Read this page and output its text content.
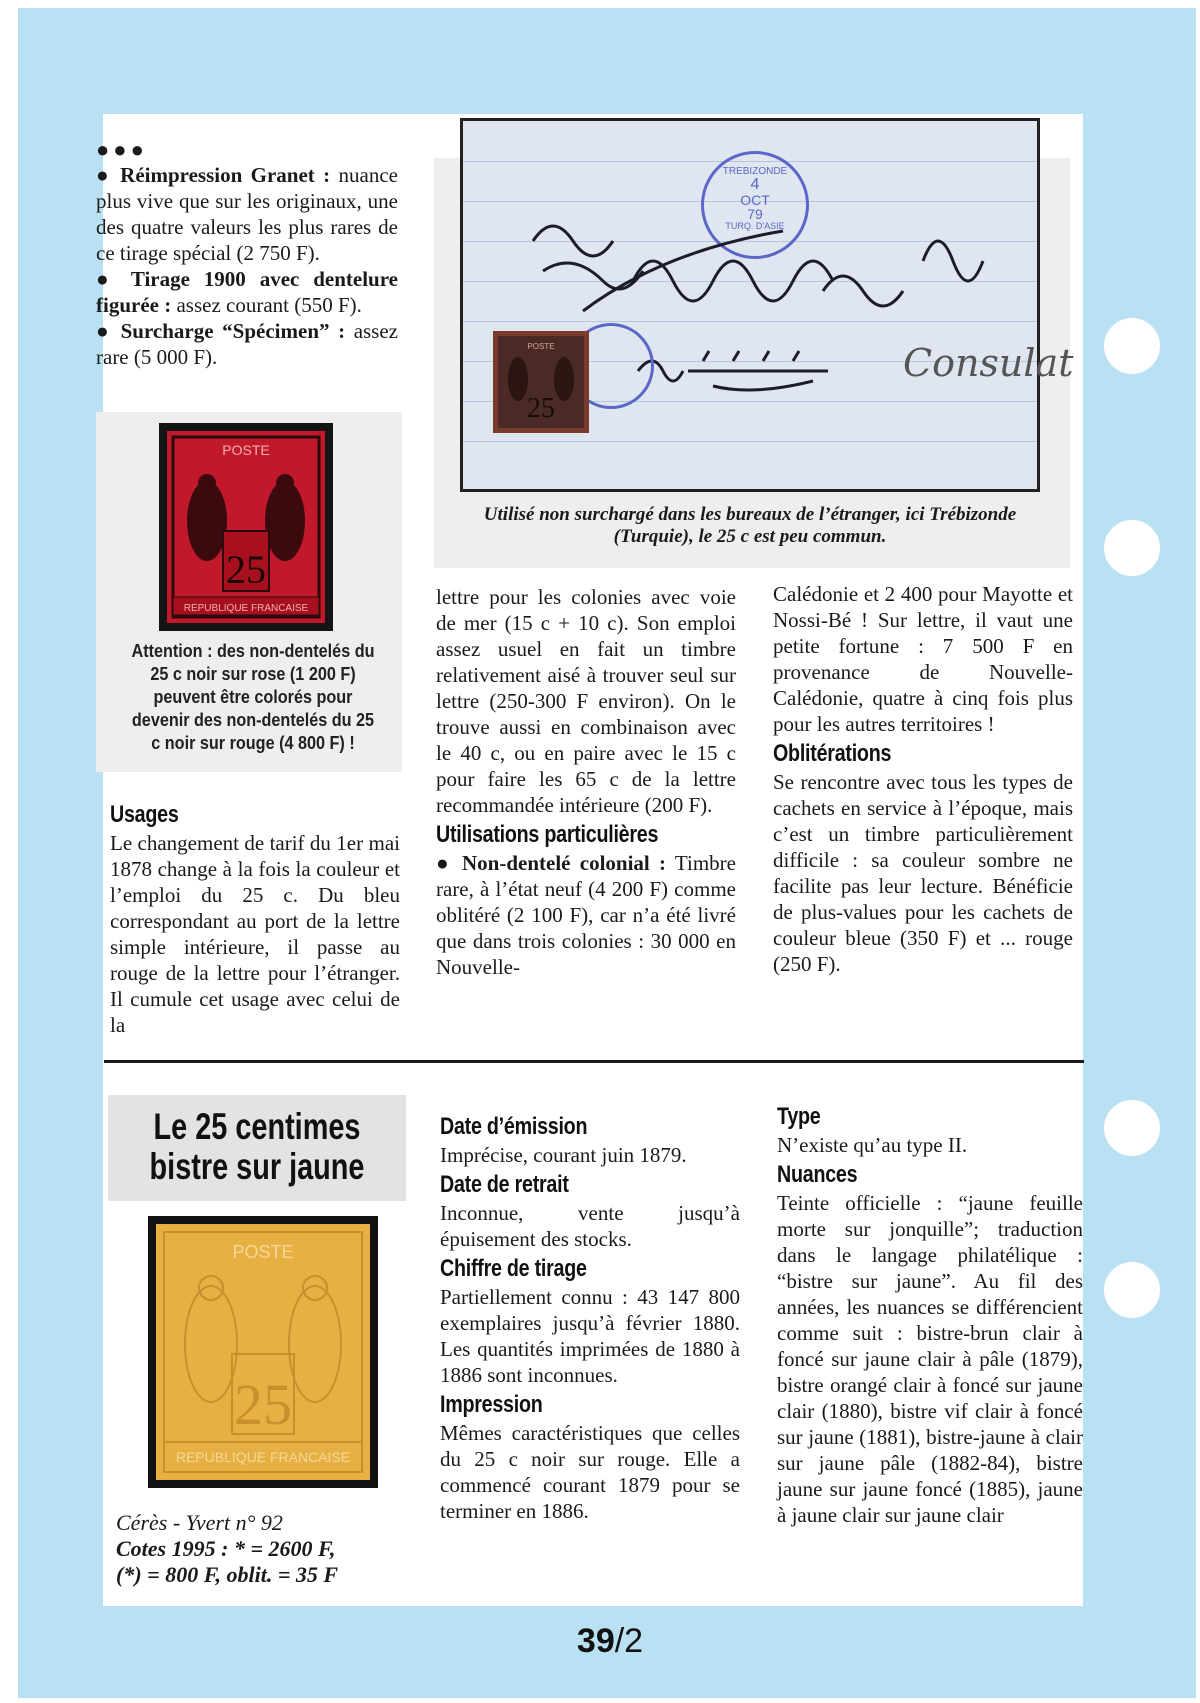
●●●

● Réimpression Granet : nuance plus vive que sur les originaux, une des quatre valeurs les plus rares de ce tirage spécial (2 750 F).

● Tirage 1900 avec dentelure figurée : assez courant (550 F).

● Surcharge “Spécimen” : assez rare (5 000 F).

POSTE
25
REPUBLIQUE FRANCAISE
Attention : des non-dentelés du 25 c noir sur rose (1 200 F) peuvent être colorés pour devenir des non-dentelés du 25 c noir sur rouge (4 800 F) !
Usages

Le changement de tarif du 1er mai 1878 change à la fois la couleur et l’emploi du 25 c. Du bleu correspondant au port de la lettre simple intérieure, il passe au rouge de la lettre pour l’étranger. Il cumule cet usage avec celui de la

TREBIZONDE
4
OCT
79
TURQ. D'ASIE
Consulat
POSTE
25
Utilisé non surchargé dans les bureaux de l’étranger, ici Trébizonde (Turquie), le 25 c est peu commun.

lettre pour les colonies avec voie de mer (15 c + 10 c). Son emploi assez usuel en fait un timbre relativement aisé à trouver seul sur lettre (250-300 F environ). On le trouve aussi en combinaison avec le 40 c, ou en paire avec le 15 c pour faire les 65 c de la lettre recommandée intérieure (200 F).

Utilisations particulières

● Non-dentelé colonial : Timbre rare, à l’état neuf (4 200 F) comme oblitéré (2 100 F), car n’a été livré que dans trois colonies : 30 000 en Nouvelle-

Calédonie et 2 400 pour Mayotte et Nossi-Bé ! Sur lettre, il vaut une petite fortune : 7 500 F en provenance de Nouvelle-Calédonie, quatre à cinq fois plus pour les autres territoires !

Oblitérations

Se rencontre avec tous les types de cachets en service à l’époque, mais c’est un timbre particulièrement difficile : sa couleur sombre ne facilite pas leur lecture. Bénéficie de plus-values pour les cachets de couleur bleue (350 F) et ... rouge (250 F).

Le 25 centimes
bistre sur jaune
POSTE
25
REPUBLIQUE FRANCAISE
Cérès - Yvert n° 92
Cotes 1995 : * = 2600 F,
(*) = 800 F, oblit. = 35 F
Date d’émission

Imprécise, courant juin 1879.

Date de retrait

Inconnue, vente jusqu’à épuisement des stocks.

Chiffre de tirage

Partiellement connu : 43 147 800 exemplaires jusqu’à février 1880. Les quantités imprimées de 1880 à 1886 sont inconnues.

Impression

Mêmes caractéristiques que celles du 25 c noir sur rouge. Elle a commencé courant 1879 pour se terminer en 1886.

Type

N’existe qu’au type II.

Nuances

Teinte officielle : “jaune feuille morte sur jonquille”; traduction dans le langage philatélique : “bistre sur jaune”. Au fil des années, les nuances se différencient comme suit : bistre-brun clair à foncé sur jaune clair à pâle (1879), bistre orangé clair à foncé sur jaune clair (1880), bistre vif clair à foncé sur jaune (1881), bistre-jaune à clair sur jaune pâle (1882-84), bistre jaune sur jaune foncé (1885), jaune à jaune clair sur jaune clair

39/2
